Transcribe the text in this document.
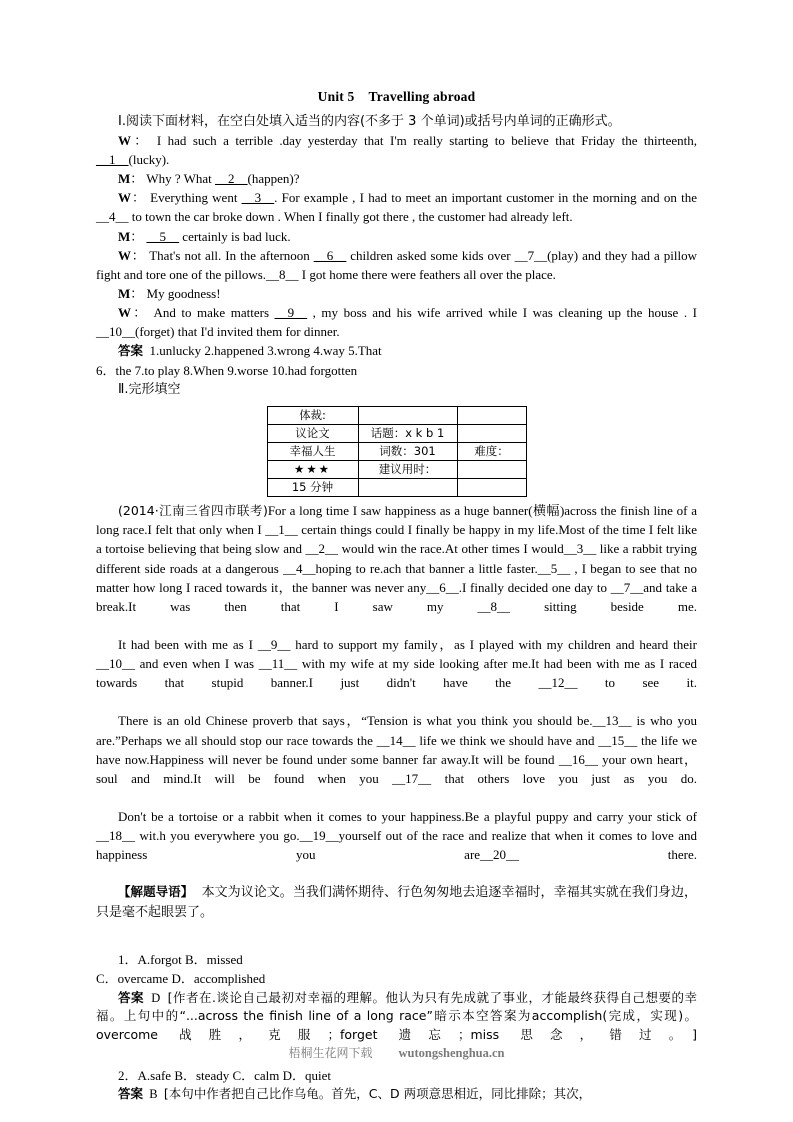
Unit 5 Travelling abroad

Ⅰ.阅读下面材料，在空白处填入适当的内容(不多于 3 个单词)或括号内单词的正确形式。

W： I had such a terrible .day yesterday that I'm really starting to believe that Friday the thirteenth, __1__(lucky).

M： Why ? What __2__(happen)?

W： Everything went __3__. For example , I had to meet an important customer in the morning and on the __4__ to town the car broke down . When I finally got there , the customer had already left.

M： __5__ certainly is bad luck.

W： That's not all. In the afternoon __6__ children asked some kids over __7__(play) and they had a pillow fight and tore one of the pillows.__8__ I got home there were feathers all over the place.

M： My goodness!

W： And to make matters __9__ , my boss and his wife arrived while I was cleaning up the house . I __10__(forget) that I'd invited them for dinner.

答案 1.unlucky 2.happened 3.wrong 4.way 5.That

6．the 7.to play 8.When 9.worse 10.had forgotten

Ⅱ.完形填空

体裁:		
议论文	话题：x k b 1	
幸福人生	词数：301	难度：
★★★	建议用时：	
15 分钟		

(2014·江南三省四市联考)For a long time I saw happiness as a huge banner(横幅)across the finish line of a long race.I felt that only when I __1__ certain things could I finally be happy in my life.Most of the time I felt like a tortoise believing that being slow and __2__ would win the race.At other times I would__3__ like a rabbit trying different side roads at a dangerous __4__hoping to re.ach that banner a little faster.__5__ , I began to see that no matter how long I raced towards it，the banner was never any__6__.I finally decided one day to __7__and take a break.It was then that I saw my __8__ sitting beside me.

It had been with me as I __9__ hard to support my family，as I played with my children and heard their __10__ and even when I was __11__ with my wife at my side looking after me.It had been with me as I raced towards that stupid banner.I just didn't have the __12__ to see it.

There is an old Chinese proverb that says，“Tension is what you think you should be.__13__ is who you are.”Perhaps we all should stop our race towards the __14__ life we think we should have and __15__ the life we have now.Happiness will never be found under some banner far away.It will be found __16__ your own heart，soul and mind.It will be found when you __17__ that others love you just as you do.

Don't be a tortoise or a rabbit when it comes to your happiness.Be a playful puppy and carry your stick of __18__ wit.h you everywhere you go.__19__yourself out of the race and realize that when it comes to love and happiness you are__20__ there.

【解题导语】 本文为议论文。当我们满怀期待、行色匆匆地去追逐幸福时，幸福其实就在我们身边，只是毫不起眼罢了。

1．A.forgot B．missed

C．overcame D．accomplished

答案 D [作者在.谈论自己最初对幸福的理解。他认为只有先成就了事业，才能最终获得自己想要的幸福。上句中的“...across the finish line of a long race”暗示本空答案为accomplish(完成，实现)。overcome 战胜，克服；forget 遗忘；miss 思念，错过。]

2．A.safe B．steady C．calm D．quiet

答案 B [本句中作者把自己比作乌龟。首先，C、D 两项意思相近，同比排除；其次，

梧桐生花网下载 wutongshenghua.cn
